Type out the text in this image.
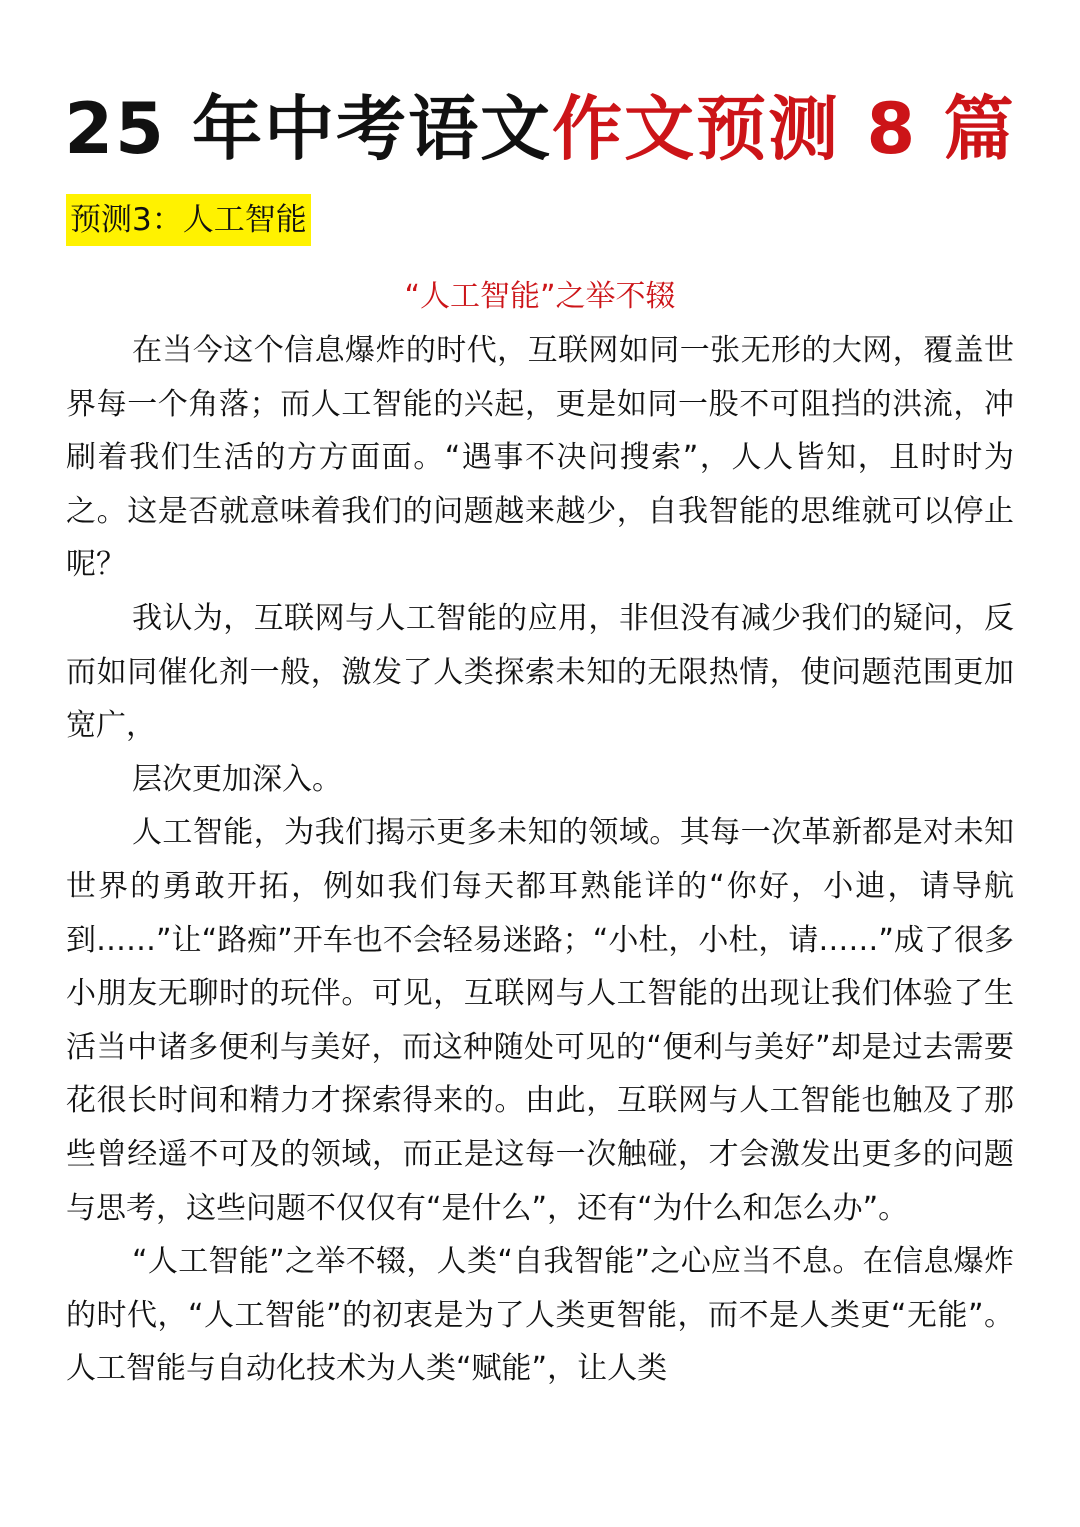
25 年中考语文作文预测 8 篇
预测3：人工智能
“人工智能”之举不辍

在当今这个信息爆炸的时代，互联网如同一张无形的大网，覆盖世界每一个角落；而人工智能的兴起，更是如同一股不可阻挡的洪流，冲刷着我们生活的方方面面。“遇事不决问搜索”，人人皆知，且时时为之。这是否就意味着我们的问题越来越少，自我智能的思维就可以停止呢？

我认为，互联网与人工智能的应用，非但没有减少我们的疑问，反而如同催化剂一般，激发了人类探索未知的无限热情，使问题范围更加宽广，

层次更加深入。

人工智能，为我们揭示更多未知的领域。其每一次革新都是对未知世界的勇敢开拓，例如我们每天都耳熟能详的“你好，小迪，请导航到……”让“路痴”开车也不会轻易迷路；“小杜，小杜，请……”成了很多小朋友无聊时的玩伴。可见，互联网与人工智能的出现让我们体验了生活当中诸多便利与美好，而这种随处可见的“便利与美好”却是过去需要花很长时间和精力才探索得来的。由此，互联网与人工智能也触及了那些曾经遥不可及的领域，而正是这每一次触碰，才会激发出更多的问题与思考，这些问题不仅仅有“是什么”，还有“为什么和怎么办”。

“人工智能”之举不辍，人类“自我智能”之心应当不息。在信息爆炸的时代，“人工智能”的初衷是为了人类更智能，而不是人类更“无能”。人工智能与自动化技术为人类“赋能”，让人类
